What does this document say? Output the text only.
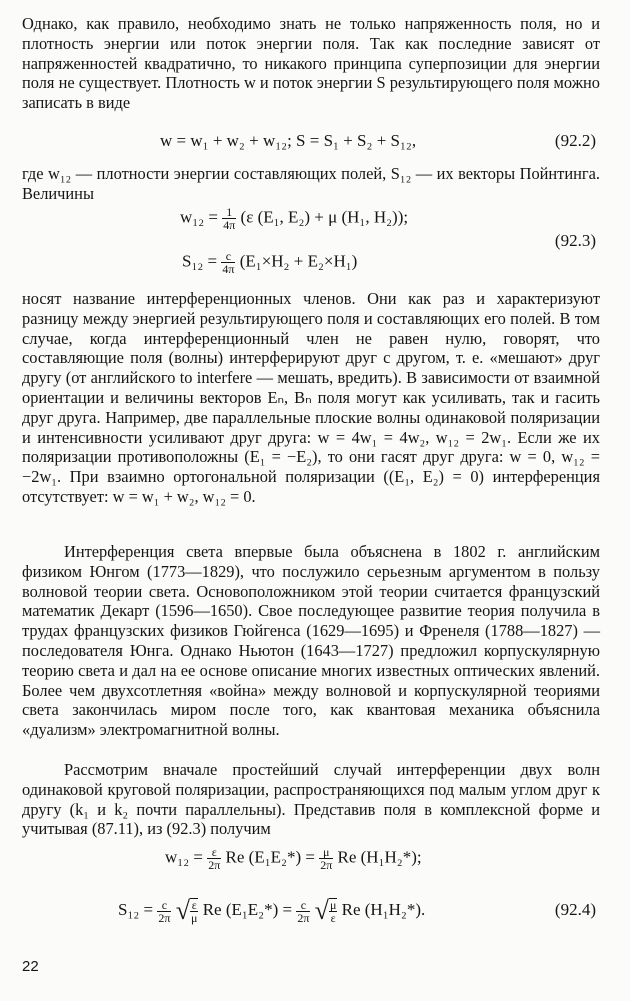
Однако, как правило, необходимо знать не только напряженность поля, но и плотность энергии или поток энергии поля. Так как последние зависят от напряженностей квадратично, то никакого принципа суперпозиции для энергии поля не существует. Плотность w и поток энергии S результирующего поля можно записать в виде

w = w₁ + w₂ + w₁₂; S = S₁ + S₂ + S₁₂,	(92.2)

где w₁₂ — плотности энергии составляющих полей, S₁₂ — их векторы Пойнтинга. Величины

$w_{12} = \frac{1}{4\pi} (\varepsilon$ (E₁, E₂) + μ (H₁, H₂));
(92.3)
$S_{12} = \frac{c}{4\pi} (E_1\times H_2 + E_2\times H_1)$

носят название интерференционных членов. Они как раз и характеризуют разницу между энергией результирующего поля и составляющих его полей. В том случае, когда интерференционный член не равен нулю, говорят, что составляющие поля (волны) интерферируют друг с другом, т. е. «мешают» друг другу (от английского to interfere — мешать, вредить). В зависимости от взаимной ориентации и величины векторов Eₙ, Bₙ поля могут как усиливать, так и гасить друг друга. Например, две параллельные плоские волны одинаковой поляризации и интенсивности усиливают друг друга: w = 4w₁ = 4w₂, w₁₂ = 2w₁. Если же их поляризации противоположны (E₁ = −E₂), то они гасят друг друга: w = 0, w₁₂ = −2w₁. При взаимно ортогональной поляризации ((E₁, E₂) = 0) интерференция отсутствует: w = w₁ + w₂, w₁₂ = 0.

Интерференция света впервые была объяснена в 1802 г. английским физиком Юнгом (1773—1829), что послужило серьезным аргументом в пользу волновой теории света. Основоположником этой теории считается французский математик Декарт (1596—1650). Свое последующее развитие теория получила в трудах французских физиков Гюйгенса (1629—1695) и Френеля (1788—1827) — последователя Юнга. Однако Ньютон (1643—1727) предложил корпускулярную теорию света и дал на ее основе описание многих известных оптических явлений. Более чем двухсотлетняя «война» между волновой и корпускулярной теориями света закончилась миром после того, как квантовая механика объяснила «дуализм» электромагнитной волны.

Рассмотрим вначале простейший случай интерференции двух волн одинаковой круговой поляризации, распространяющихся под малым углом друг к другу (k₁ и k₂ почти параллельны). Представив поля в комплексной форме и учитывая (87.11), из (92.3) получим

$w_{12} = \frac{\varepsilon}{2\pi}$ Re $(E_1E_2*) = \frac{\mu}{2\pi}$ Re (H₁H₂*);
$S_{12} = \frac{c}{2\pi}$ √ $\frac{\varepsilon}{\mu}$ Re $(E_1E_2*) = \frac{c}{2\pi}$ √ $\frac{\mu}{\varepsilon}$ Re (H₁H₂*).	(92.4)
22
